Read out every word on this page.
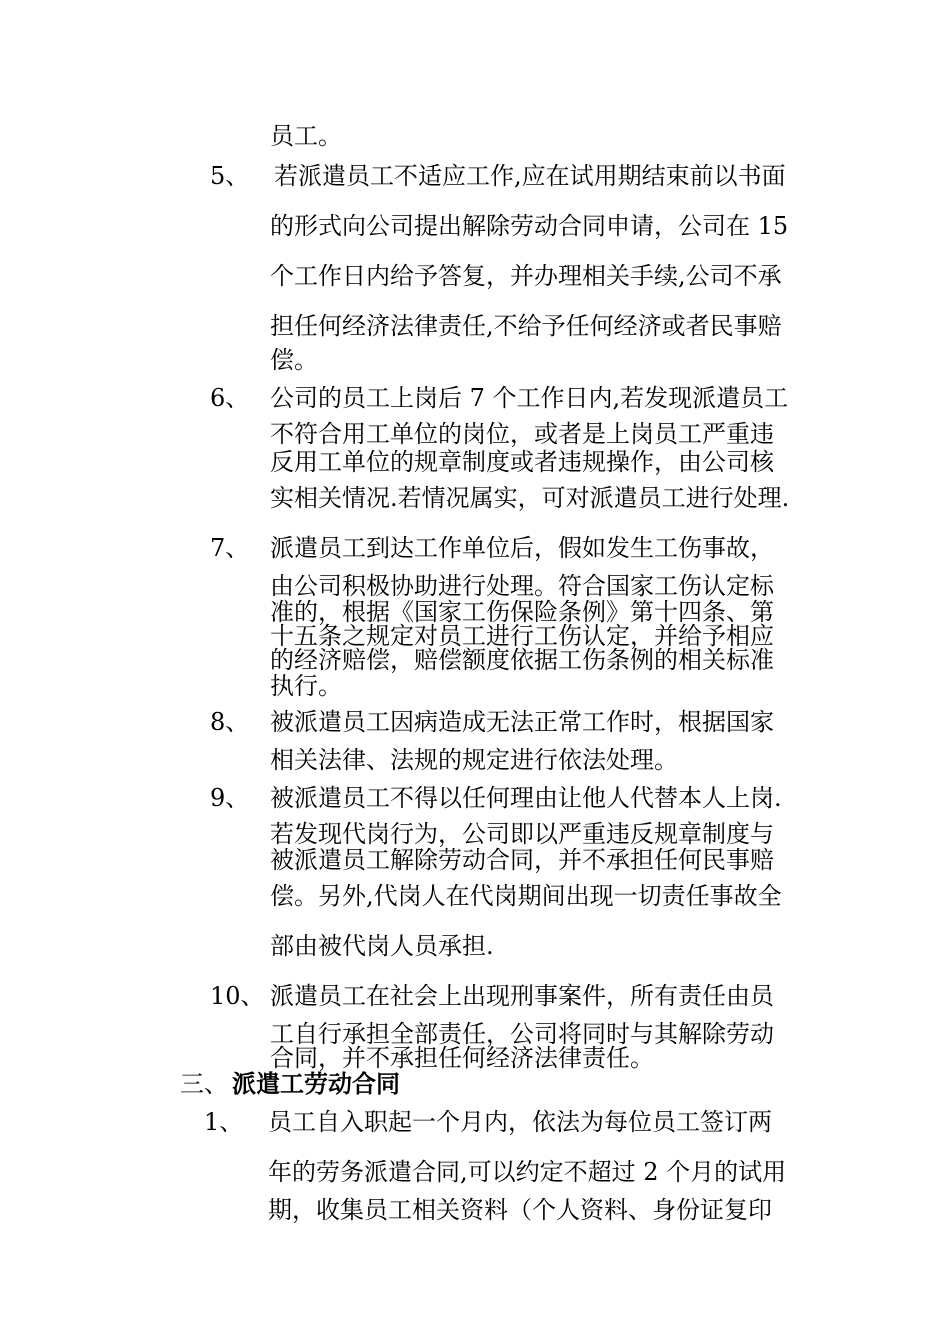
员工。
5、 若派遣员工不适应工作,应在试用期结束前以书面
的形式向公司提出解除劳动合同申请，公司在 15
个工作日内给予答复，并办理相关手续,公司不承
担任何经济法律责任,不给予任何经济或者民事赔
偿。
6、 公司的员工上岗后 7 个工作日内,若发现派遣员工
不符合用工单位的岗位，或者是上岗员工严重违
反用工单位的规章制度或者违规操作，由公司核
实相关情况.若情况属实，可对派遣员工进行处理.
7、 派遣员工到达工作单位后，假如发生工伤事故，
由公司积极协助进行处理。符合国家工伤认定标
准的，根据《国家工伤保险条例》第十四条、第
十五条之规定对员工进行工伤认定，并给予相应
的经济赔偿，赔偿额度依据工伤条例的相关标准
执行。
8、 被派遣员工因病造成无法正常工作时，根据国家
相关法律、法规的规定进行依法处理。
9、 被派遣员工不得以任何理由让他人代替本人上岗.
若发现代岗行为，公司即以严重违反规章制度与
被派遣员工解除劳动合同，并不承担任何民事赔
偿。另外,代岗人在代岗期间出现一切责任事故全
部由被代岗人员承担.
10、 派遣员工在社会上出现刑事案件，所有责任由员
工自行承担全部责任，公司将同时与其解除劳动
合同，并不承担任何经济法律责任。
三、 派遣工劳动合同
1、 员工自入职起一个月内，依法为每位员工签订两
年的劳务派遣合同,可以约定不超过 2 个月的试用
期，收集员工相关资料（个人资料、身份证复印
